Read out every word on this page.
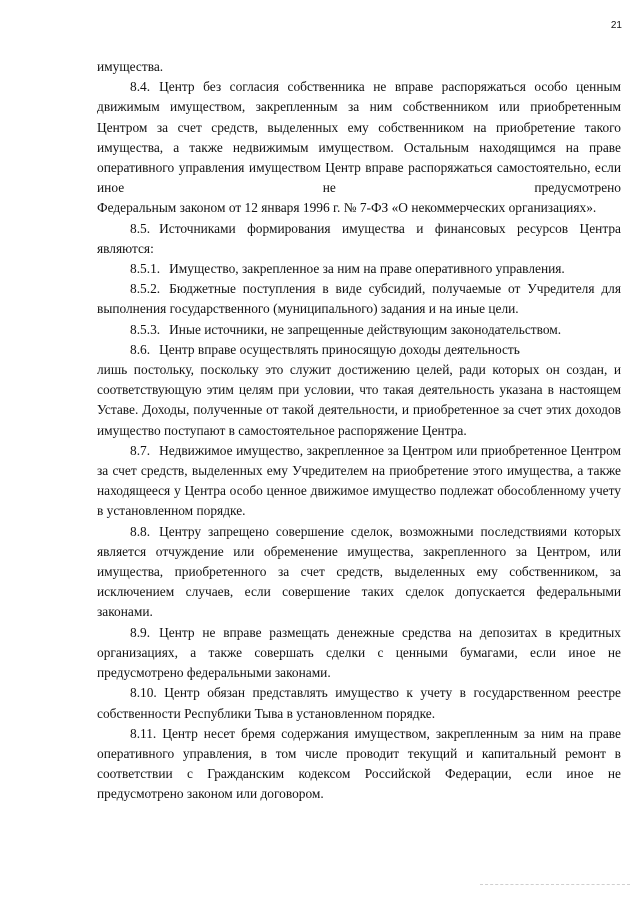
21

имущества.

8.4. Центр без согласия собственника не вправе распоряжаться особо ценным движимым имуществом, закрепленным за ним собственником или приобретенным Центром за счет средств, выделенных ему собственником на приобретение такого имущества, а также недвижимым имуществом. Остальным находящимся на праве оперативного управления имуществом Центр вправе распоряжаться самостоятельно, если иное не предусмотрено

Федеральным законом от 12 января 1996 г. № 7-ФЗ «О некоммерческих организациях».

8.5. Источниками формирования имущества и финансовых ресурсов Центра являются:

8.5.1. Имущество, закрепленное за ним на праве оперативного управления.

8.5.2. Бюджетные поступления в виде субсидий, получаемые от Учредителя для выполнения государственного (муниципального) задания и на иные цели.

8.5.3. Иные источники, не запрещенные действующим законодательством.

8.6. Центр вправе осуществлять приносящую доходы деятельность

лишь постольку, поскольку это служит достижению целей, ради которых он создан, и соответствующую этим целям при условии, что такая деятельность указана в настоящем Уставе. Доходы, полученные от такой деятельности, и приобретенное за счет этих доходов имущество поступают в самостоятельное распоряжение Центра.

8.7. Недвижимое имущество, закрепленное за Центром или приобретенное Центром за счет средств, выделенных ему Учредителем на приобретение этого имущества, а также находящееся у Центра особо ценное движимое имущество подлежат обособленному учету в установленном порядке.

8.8. Центру запрещено совершение сделок, возможными последствиями которых является отчуждение или обременение имущества, закрепленного за Центром, или имущества, приобретенного за счет средств, выделенных ему собственником, за исключением случаев, если совершение таких сделок допускается федеральными законами.

8.9. Центр не вправе размещать денежные средства на депозитах в кредитных организациях, а также совершать сделки с ценными бумагами, если иное не предусмотрено федеральными законами.

8.10. Центр обязан представлять имущество к учету в государственном реестре собственности Республики Тыва в установленном порядке.

8.11. Центр несет бремя содержания имуществом, закрепленным за ним на праве оперативного управления, в том числе проводит текущий и капитальный ремонт в соответствии с Гражданским кодексом Российской Федерации, если иное не предусмотрено законом или договором.
